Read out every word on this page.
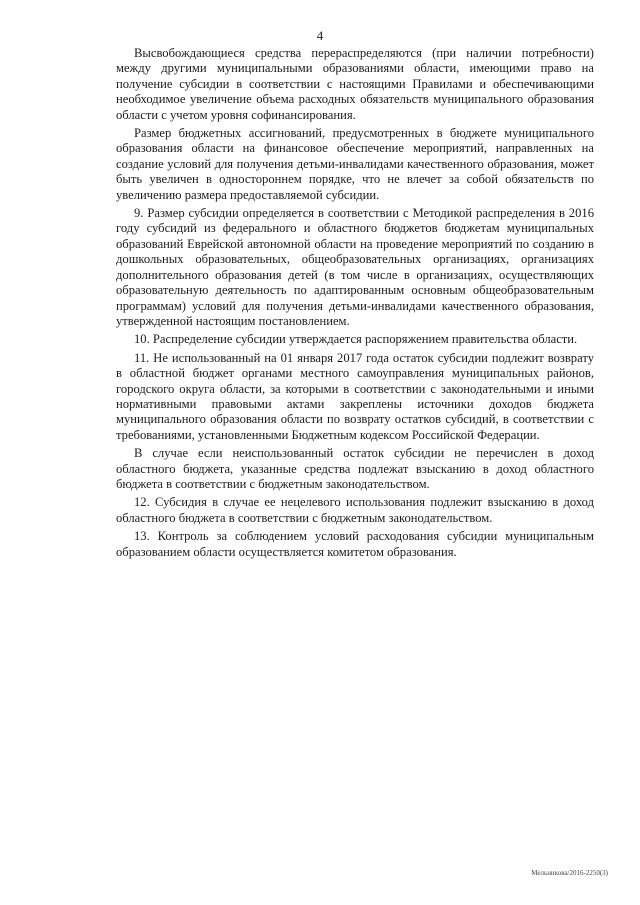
4

Высвобождающиеся средства перераспределяются (при наличии потребности) между другими муниципальными образованиями области, имеющими право на получение субсидии в соответствии с настоящими Правилами и обеспечивающими необходимое увеличение объема расходных обязательств муниципального образования области с учетом уровня софинансирования.

Размер бюджетных ассигнований, предусмотренных в бюджете муниципального образования области на финансовое обеспечение мероприятий, направленных на создание условий для получения детьми-инвалидами качественного образования, может быть увеличен в одностороннем порядке, что не влечет за собой обязательств по увеличению размера предоставляемой субсидии.

9. Размер субсидии определяется в соответствии с Методикой распределения в 2016 году субсидий из федерального и областного бюджетов бюджетам муниципальных образований Еврейской автономной области на проведение мероприятий по созданию в дошкольных образовательных, общеобразовательных организациях, организациях дополнительного образования детей (в том числе в организациях, осуществляющих образовательную деятельность по адаптированным основным общеобразовательным программам) условий для получения детьми-инвалидами качественного образования, утвержденной настоящим постановлением.

10. Распределение субсидии утверждается распоряжением правительства области.

11. Не использованный на 01 января 2017 года остаток субсидии подлежит возврату в областной бюджет органами местного самоуправления муниципальных районов, городского округа области, за которыми в соответствии с законодательными и иными нормативными правовыми актами закреплены источники доходов бюджета муниципального образования области по возврату остатков субсидий, в соответствии с требованиями, установленными Бюджетным кодексом Российской Федерации.

В случае если неиспользованный остаток субсидии не перечислен в доход областного бюджета, указанные средства подлежат взысканию в доход областного бюджета в соответствии с бюджетным законодательством.

12. Субсидия в случае ее нецелевого использования подлежит взысканию в доход областного бюджета в соответствии с бюджетным законодательством.

13. Контроль за соблюдением условий расходования субсидии муниципальным образованием области осуществляется комитетом образования.

Мельникова/2016-2250(3)
